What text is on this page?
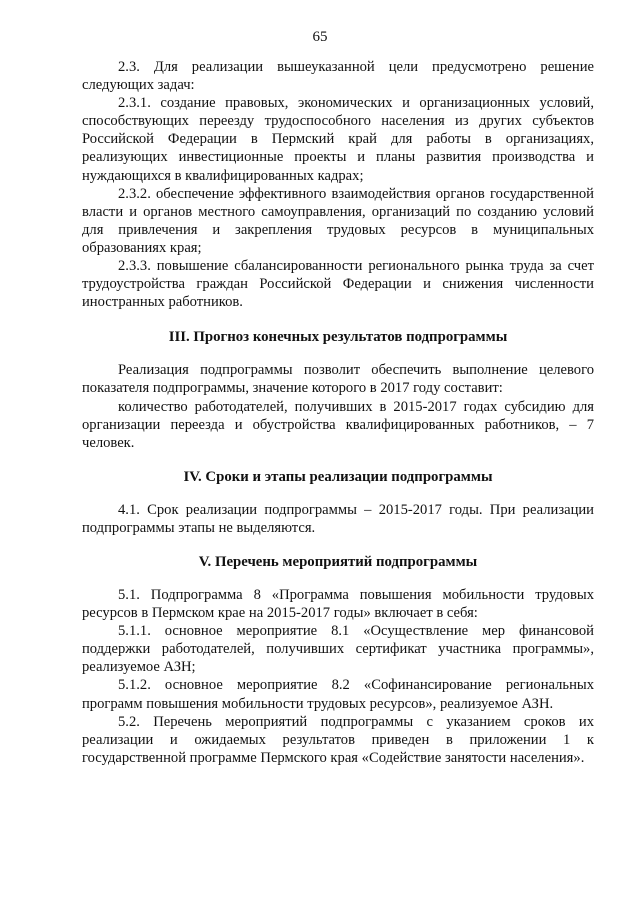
65

2.3. Для реализации вышеуказанной цели предусмотрено решение следующих задач:

2.3.1. создание правовых, экономических и организационных условий, способствующих переезду трудоспособного населения из других субъектов Российской Федерации в Пермский край для работы в организациях, реализующих инвестиционные проекты и планы развития производства и нуждающихся в квалифицированных кадрах;

2.3.2. обеспечение эффективного взаимодействия органов государственной власти и органов местного самоуправления, организаций по созданию условий для привлечения и закрепления трудовых ресурсов в муниципальных образованиях края;

2.3.3. повышение сбалансированности регионального рынка труда за счет трудоустройства граждан Российской Федерации и снижения численности иностранных работников.

III. Прогноз конечных результатов подпрограммы

Реализация подпрограммы позволит обеспечить выполнение целевого показателя подпрограммы, значение которого в 2017 году составит:

количество работодателей, получивших в 2015-2017 годах субсидию для организации переезда и обустройства квалифицированных работников, – 7 человек.

IV. Сроки и этапы реализации подпрограммы

4.1. Срок реализации подпрограммы – 2015-2017 годы. При реализации подпрограммы этапы не выделяются.

V. Перечень мероприятий подпрограммы

5.1. Подпрограмма 8 «Программа повышения мобильности трудовых ресурсов в Пермском крае на 2015-2017 годы» включает в себя:

5.1.1. основное мероприятие 8.1 «Осуществление мер финансовой поддержки работодателей, получивших сертификат участника программы», реализуемое АЗН;

5.1.2. основное мероприятие 8.2 «Софинансирование региональных программ повышения мобильности трудовых ресурсов», реализуемое АЗН.

5.2. Перечень мероприятий подпрограммы с указанием сроков их реализации и ожидаемых результатов приведен в приложении 1 к государственной программе Пермского края «Содействие занятости населения».
